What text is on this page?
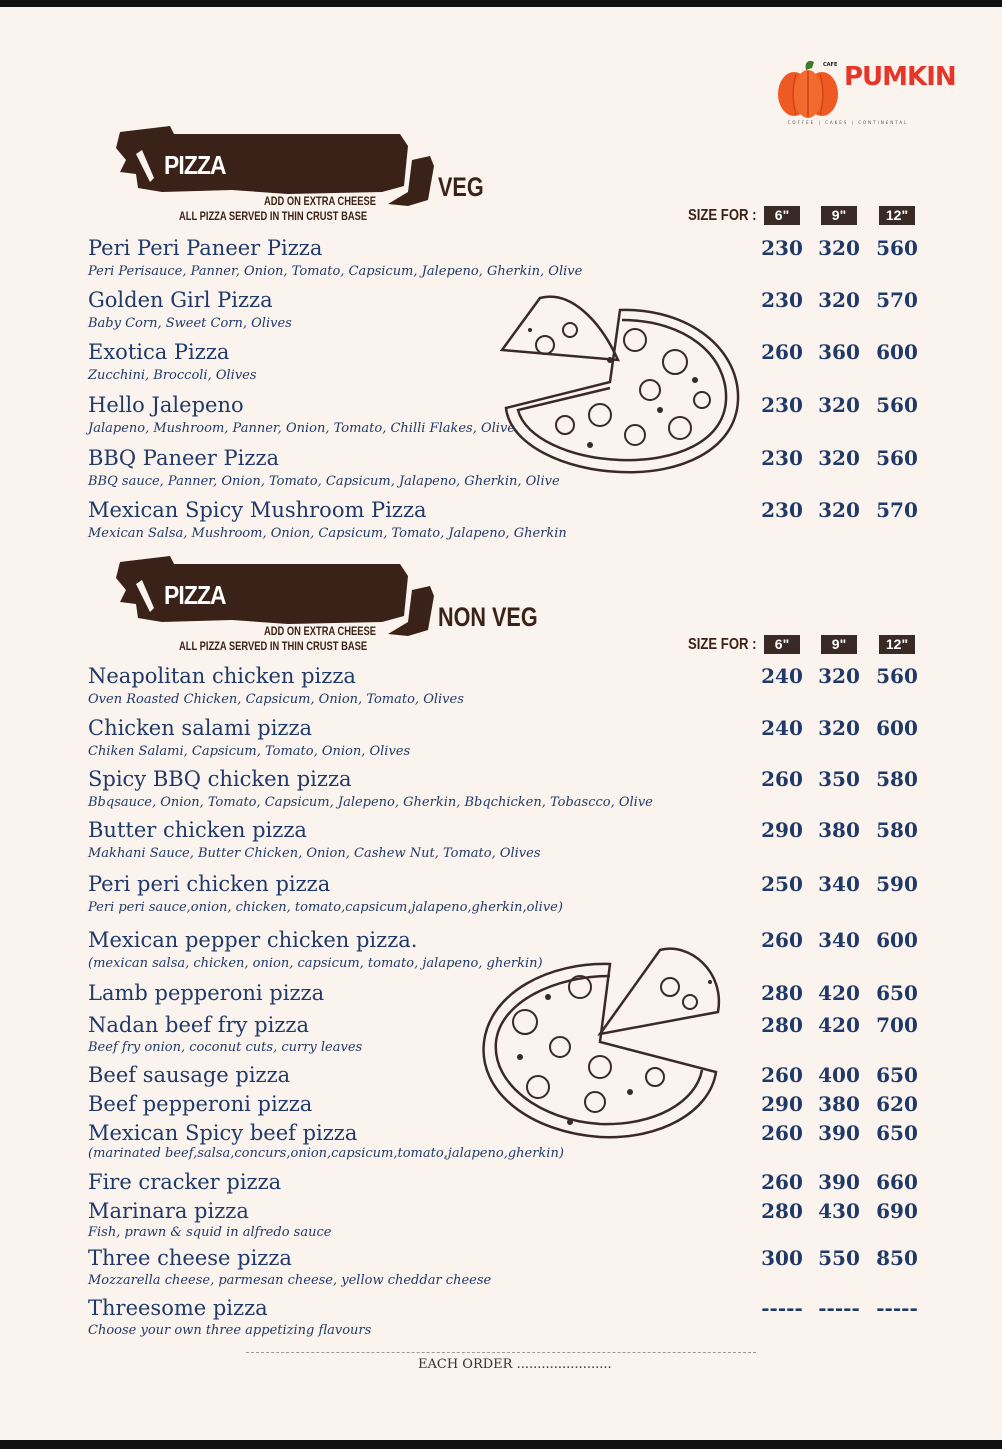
CAFE PUMKIN
COFFEE | CAKES | CONTINENTAL
PIZZA
ADD ON EXTRA CHEESE
ALL PIZZA SERVED IN THIN CRUST BASE
VEG
SIZE FOR :	6"	9"	12"
Peri Peri Paneer Pizza
Peri Perisauce, Panner, Onion, Tomato, Capsicum, Jalepeno, Gherkin, Olive
230 320 560
Golden Girl Pizza
Baby Corn, Sweet Corn, Olives
230 320 570
Exotica Pizza
Zucchini, Broccoli, Olives
260 360 600
Hello Jalepeno
Jalapeno, Mushroom, Panner, Onion, Tomato, Chilli Flakes, Olive
230 320 560
BBQ Paneer Pizza
BBQ sauce, Panner, Onion, Tomato, Capsicum, Jalapeno, Gherkin, Olive
230 320 560
Mexican Spicy Mushroom Pizza
Mexican Salsa, Mushroom, Onion, Capsicum, Tomato, Jalapeno, Gherkin
230 320 570
PIZZA
ADD ON EXTRA CHEESE
ALL PIZZA SERVED IN THIN CRUST BASE
NON VEG
SIZE FOR :	6"	9"	12"
Neapolitan chicken pizza
Oven Roasted Chicken, Capsicum, Onion, Tomato, Olives
240 320 560
Chicken salami pizza
Chiken Salami, Capsicum, Tomato, Onion, Olives
240 320 600
Spicy BBQ chicken pizza
Bbqsauce, Onion, Tomato, Capsicum, Jalepeno, Gherkin, Bbqchicken, Tobascco, Olive
260 350 580
Butter chicken pizza
Makhani Sauce, Butter Chicken, Onion, Cashew Nut, Tomato, Olives
290 380 580
Peri peri chicken pizza
Peri peri sauce,onion, chicken, tomato,capsicum,jalapeno,gherkin,olive)
250 340 590
Mexican pepper chicken pizza.
(mexican salsa, chicken, onion, capsicum, tomato, jalapeno, gherkin)
260 340 600
Lamb pepperoni pizza	280 420 650
Nadan beef fry pizza
Beef fry onion, coconut cuts, curry leaves
280 420 700
Beef sausage pizza	260 400 650
Beef pepperoni pizza	290 380 620
Mexican Spicy beef pizza
(marinated beef,salsa,concurs,onion,capsicum,tomato,jalapeno,gherkin)
260 390 650
Fire cracker pizza	260 390 660
Marinara pizza
Fish, prawn & squid in alfredo sauce
280 430 690
Three cheese pizza
Mozzarella cheese, parmesan cheese, yellow cheddar cheese
300 550 850
Threesome pizza
Choose your own three appetizing flavours
----- ----- -----
EACH ORDER .......................
